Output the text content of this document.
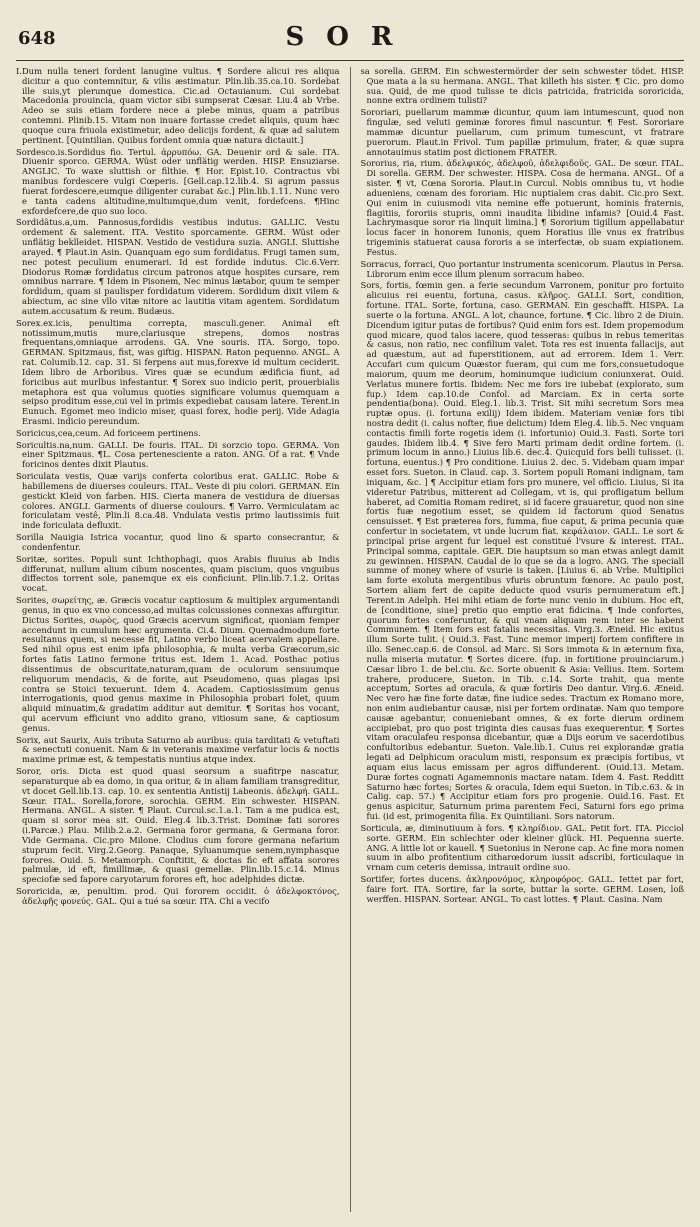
648	SOR

I.Dum nulla teneri fordent lanugine vultus. ¶ Sordere alicui res aliqua dicitur a quo contemnitur, & vilis æstimatur. Plin.lib.35.ca.10. Sordebat ille suis,yt plerunque domestica. Cic.ad Octauianum. Cui sordebat Macedonia prouincia, quam victor sibi sumpserat Cæsar. Liu.4 ab Vrbe. Adeo se suis etiam fordere nece a plebe minus, quam a patribus contemni. Plinib.15. Vitam non inuare fortasse credet aliquis, quum hæc quoque cura friuola existimetur, adeo delicijs fordent, & quæ ad salutem pertinent. [Quintilian. Quibus fordent omnia quæ natura dictauit.]

Sordesco.is.Sordidus fio. Tertul. ἀρρυπόω. GA. Deuenir ord & sale. ITA. Diuenir sporco. GERMA. Wüst oder unflätig werden. HISP. Ensuziarse. ANGLIC. To waxe sluttish or filthie. ¶ Hor. Epist.10. Contractus vbi manibus fordescere vulgi Cœperis. [Gell.cap.12.lib.4. Si agrum passus fuerat fordescere,eumque diligenter curabat &c.] Plin.lib.1.11. Nunc vero e tanta cadens altitudine,multumque,dum venit, fordefcens. ¶Hinc exfordefcere,de quo suo loco.

Sordidâtus.a,um. Pannosus,fordidis vestibus indutus. GALLIC. Vestu ordement & salement. ITA. Vestito sporcamente. GERM. Wüst oder unflätig beklleidet. HISPAN. Vestido de vestidura suzia. ANGLI. Sluttishe arayed. ¶ Plaut.in Asin. Quanquam ego sum fordidatus. Frugi tamen sum, nec potest peculium enumerari. Id est fordide indutus. Cic.6.Verr. Diodorus Romæ fordidatus circum patronos atque hospites cursare, rem omnibus narrare. ¶ Idem in Pisonem, Nec minus lætabor, quum te semper fordidum, quam si paulisper fordidatum viderem. Sordidum dixit vilem & abiectum, ac sine vllo vitæ nitore ac lautitia vitam agentem. Sordidatum autem.accusatum & reum. Budæus.

Sorex.ex.icis, penultima correpta, masculi.gener. Animal eft notissimum,mutis mure,clariusque strepens, domos nostras frequentans,omniaque arrodens. GA. Vne souris. ITA. Sorgo, topo. GERMAN. Spitzmaus, fist, was giftig. HISPAN. Raton pequenno. ANGL. A rat. Columib.12. cap. 31. Si ferpens aut mus,forexve id multum ceciderit. Idem libro de Arboribus. Vires quæ se ecundum ædificia fiunt, ad foricibus aut murlbus infestantur. ¶ Sorex suo indicio perit, prouerbialis metaphora est qua volumus quoties significare volumus quemquam a seipso proditum esse,cui vel in primis expediebat causam latere. Terent.in Eunuch. Egomet meo indicio miser, quasi forex, hodie perij. Vide Adagia Erasmi. indicio pereundum.

Soricicus,cea,ceum. Ad foriceem pertinens.

Soricultis.na,num. GALLI. De fouris. ITAL. Di sorzcio topo. GERMA. Von einer Spitzmaus. ¶L. Cosa pertenesciente a raton. ANG. Of a rat. ¶ Vnde foricinos dentes dixit Plautus.

Soriculata vestis, Quæ varijs conferta coloribus erat. GALLIC. Robe & habillemens de diuerses couleurs. ITAL. Veste di piu colori. GERMAN. Ein gestickt Kleid von farben. HIS. Cierta manera de vestidura de diuersas colores. ANGLI. Garments of diuerse coulours. ¶ Varro. Vermiculatam ac foriculatam vestê, Plin.li 8.ca.48. Vndulata vestis primo lautissimis fuit inde foriculata defluxit.

Sorilla Nauigia Istrica vocantur, quod lino & sparto consecrantur, & condenfentur.

Soritæ, sorites. Populi sunt Ichthophagi, quos Arabis fluuius ab Indis differunat, nullum alium cibum noscentes, quam piscium, quos vnguibus diffectos torrent sole, panemque ex eis conficiunt. Plin.lib.7.1.2. Oritas vocat.

Sorites, σωρείτης, æ. Græcis vocatur captiosum & multiplex argumentandi genus, in quo ex vno concesso,ad multas colcussiones connexas affurgitur. Dictus Sorites, σωρὸς, quod Græcis acervum significat, quoniam femper accendunt in cumulum hæc argumenta. Ci.4. Dium. Quemadmodum forte resultanus quem, si necesse fit, Latino verbo liceat acervalem appellare. Sed nihil opus est enim ipfa philosophia, & multa verba Græcorum,sic fortes fatis Latino fermone tritus est. Idem 1. Acad. Posthac potius dissentimus de obscuritate,naturam,quam de oculorum sensuumque reliquorum mendacis, & de forite, aut Pseudomeno, quas plagas ipsi contra se Stoici texuerunt. Idem 4. Academ. Captiosissimum genus interrogationis, quod genus maxime in Philosophia probari folet, quum aliquid minuatim,& gradatim additur aut demitur. ¶ Soritas hos vocant, qui acervum efficiunt vno addito grano, vitiosum sane, & captiosum genus.

Sorix, aut Saurix, Auis tributa Saturno ab auribus: quia tarditati & vetuftati & senectuti conuenit. Nam & in veteranis maxime verfatur locis & noctis maxime primæ est, & tempestatis nuntius atque index.

Soror, oris. Dicta est quod quasi seorsum a suafitrpe nascatur, separaturque ab ea domo, in qua oritur, & in aliam familiam transgreditur, vt docet Gell.lib.13. cap. 10. ex sententia Antistij Labeonis. ἀδελφή. GALL. Sœur. ITAL. Sorella,forore, sorochia. GERM. Ein schwester. HISPAN. Hermana. ANGL. A sister. ¶ Plaut. Curcul.sc.1.a.1. Tam a me pudica est, quam si soror mea sit. Ouid. Eleg.4 lib.3.Trist. Dominæ fati sorores (i.Parcæ.) Plau. Milib.2.a.2. Germana foror germana, & Germana foror. Vide Germana. Cic.pro Milone. Clodius cum forore germana nefarium stuprum fecit. Virg.2.Georg. Panaque, Syluanumque senem,nymphasque forores. Ouid. 5. Metamorph. Conftitit, & doctas fic eft affata sorores palmulæ, id eft, fimillimæ, & quasi gemellæ. Plin.lib.15.c.14. Minus speciofæ sed fapore caryotarum forores eft, hoc adelphides dictæ.

Sororicida, æ, penultim. prod. Qui fororem occidit. ὁ ἀδελφοκτόνος, ἀδελφῆς φονεύς. GAL. Qui a tué sa sœur. ITA. Chi a vecifo

sa sorella. GERM. Ein schwestermörder der sein schwester tödet. HISP. Que mata a la su hermana. ANGL. That killeth his sister. ¶ Cic. pro domo sua. Quid, de me quod tulisse te dicis patricida, fratricida sororicida, nonne extra ordinem tulisti?

Sororiari, puellarum mammæ dicuntur, quum iam intumescunt, quod non fingulæ, sed veluti geminæ forores fimul nascuntur. ¶ Fest. Sororiare mammæ dicuntur puellarum, cum primum tumescunt, vt fratrare puerorum. Plaut.in Frivol. Tum papillæ primulum, frater, & quæ supra annotauimus statim post dictionem FRATER.

Sororius, ria, rium. ἀδελφικός, ἀδελφοῦ, ἀδελφιδοῦς. GAL. De sœur. ITAL. Di sorella. GERM. Der schwester. HISPA. Cosa de hermana. ANGL. Of a sister. ¶ vt, Cœna Sororia. Plaut.in Curcul. Nobis omnibus tu, vt hodie adueniens, cœnam des fororiam. Hic nuptialem cras dabit. Cic.pro Sext. Qui enim in cuiusmodi vita nemine effe potuerunt, hominis fraternis, flagitiis, fororiis stupris, omni inaudita libidine infamis? [Ouid.4 Fast. Lachrymasque soror ria linquit limina.] ¶ Sororium tigillum appellabatur locus facer in honorem Iunonis, quem Horatius ille vnus ex fratribus trigeminis statuerat causa fororis a se interfectæ, ob suam expiationem. Festus.

Sorracus, forraci, Quo portantur instrumenta scenicorum. Plautus in Persa. Librorum enim ecce illum plenum sorracum habeo.

Sors, fortis, fœmin gen. a ferie secundum Varronem, ponitur pro fortuito alicuius rei euentu, fortuna, casus. κλῆρος. GALLI. Sort, condition, fortune. ITAL. Sorte, fortuna, caso. GERMAN. Ein geschafft. HISPA. La suerte o la fortuna. ANGL. A lot, chaunce, fortune. ¶ Cic. libro 2 de Diuin. Dicendum igitur putas de fortibus? Quid enim fors est. Idem propemodum quod micare, quod talos iacere, quod tesseras: quibus in rebus temeritas & casus, non ratio, nec confilium valet. Tota res est inuenta fallacijs, aut ad quæstum, aut ad fuperstitionem, aut ad errorem. Idem 1. Verr. Accufari cum quicum Quæstor fueram, qui cum me fors,consuetudoque maiorum, quum me deorum, hominumque iudicium coniunxerat. Ouid. Verlatus munere fortis. Ibidem: Nec me fors ire iubebat (explorato, sum fup.) Idem cap.10.de Confol. ad Marciam. Ex in certa sorte pendentia(bona). Ouid. Eleg.1. lib.3. Trist. Sit mihi secretum Sors mea ruptæ opus. (i. fortuna exilij) Idem ibidem. Materiam veniæ fors tibi nostra dedit (i. calus nofter, fiue delictum) Idem Eleg.4. lib.5. Nec vnquam contactis fimili forte rogetis idem (i. infortunio) Ouid.3. Fasti. Sorte tori gaudes. Ibidem lib.4. ¶ Sive fero Marti primam dedit ordine fortem. (i. primum locum in anno.) Liuius lib.6. dec.4. Quicquid fors belli tulisset. (i. fortuna, euentus.) ¶ Pro conditione. Liuius 2. dec. 5. Videbam quam impar esset fors. Sueton. in Claud. cap. 3. Sortem populi Romani indignam, tam iniquam, &c. ] ¶ Accipitur etiam fors pro munere, vel officio. Liuius, Si ita videretur Patribus, mitterent ad Collegam, vt is, qui profligatum bellum haberet, ad Comitia Romam rediret, si id facere grauaretur, quod non sine fortis fuæ negotium esset, se quidem id factorum quod Senatus censuisset. ¶ Est præterea fors, fumma, fiue caput, & prima pecunia quæ confertur in societatem, vt unde lucrum fiat. κεφάλαιον. GALL. Le sort & principal prise argent fur lequel est constitué l'vsure & interest. ITAL. Principal somma, capitale. GER. Die hauptsum so man etwas anlegt damit zu gewinnen. HISPAN. Caudal de lo que se da a logro. ANG. The speciall summe of money where of vsurie is taken. [Liuius 6. ab Vrbe. Multiplici iam forte exoluta mergentibus vfuris obruntum fœnore. Ac paulo post, Sortem aliam fert de capite deducte quod vsuris pernumeratum eft.] Terent.in Adelph. Hei mihi etiam de forte nunc venio in dubium. Hoc eft, de [conditione, siue] pretio quo emptio erat fidicina. ¶ Inde confortes, quorum fortes conferuntur, & qui vnam aliquam rem inter se habent Communem. ¶ Item fors est fatalis necessitas. Virg.3. Æneid. Hic exitus illum Sorte tulit. ( Ouid.3. Fast. Tunc memor imperij fortem confiftere in illo. Senec.cap.6. de Consol. ad Marc. Si Sors immota & in æternum fixa, nulla miseria mutatur. ¶ Sortes dicere. (fup. in fortitione prouinciarum.) Cæsar libro 1. de bel.ciu. &c. Sorte obuenit & Asia: Vellius. Item. Sortem trahere, producere, Sueton. in Tib. c.14. Sorte trahit, qua mente acceptum, Sortes ad oracula, & quæ fortiris Deo dantur. Virg.6. Æneid. Nec vero hæ fine forte datæ, fine iudice sedes. Tractum ex Romano more, non enim audiebantur causæ, nisi per fortem ordinatæ. Nam quo tempore causæ agebantur, conueniebant omnes, & ex forte dierum ordinem accipiebat, pro quo post triginta dies causas fuas exequerentur. ¶ Sortes vitam oraculafeu responsa dicebantur, quæ a Dijs eorum ve sacerdotibus confultoribus edebantur. Sueton. Vale.lib.1. Cuius rei explorandæ gratia legati ad Delphicum oraculum misti, responsum ex præcipis fortibus, vt aquam eius lacus emissam per agros diffunderent. (Ouid.13. Metam. Duræ fortes cognati Agamemnonis mactare natam. Idem 4. Fast. Redditt Saturno hæc fortes; Sortes & oracula, Idem equi Sueton. in Tib.c.63. & in Calig. cap. 57.) ¶ Accipitur etiam fors pro progenie. Ouid.16. Fast. Et genus aspicitur, Saturnum prima parentem Feci, Saturni fors ego prima fui. (id est, primogenita filia. Ex Quintiliani. Sors natorum.

Sorticula, æ, diminutiuum à fors. ¶ κληρίδιον. GAL. Petit fort. ITA. Picciol sorte. GERM. Ein schlechter oder kleiner glück. HI. Pequenna suerte. ANG. A little lot or kauell. ¶ Suetonius in Nerone cap. Ac fine mora nomen suum in albo profitentium citharœdorum iussit adscribi, forticulaque in vrnam cum ceteris demissa, intrauit ordine suo.

Sortifer, fortes ducens. ἀκληρονόμος, κληροφόρος. GALL. Iettet par fort, faire fort. ITA. Sortire, far la sorte, buttar la sorte. GERM. Losen, loß werffen. HISPAN. Sortear. ANGL. To cast lottes. ¶ Plaut. Casina. Nam
